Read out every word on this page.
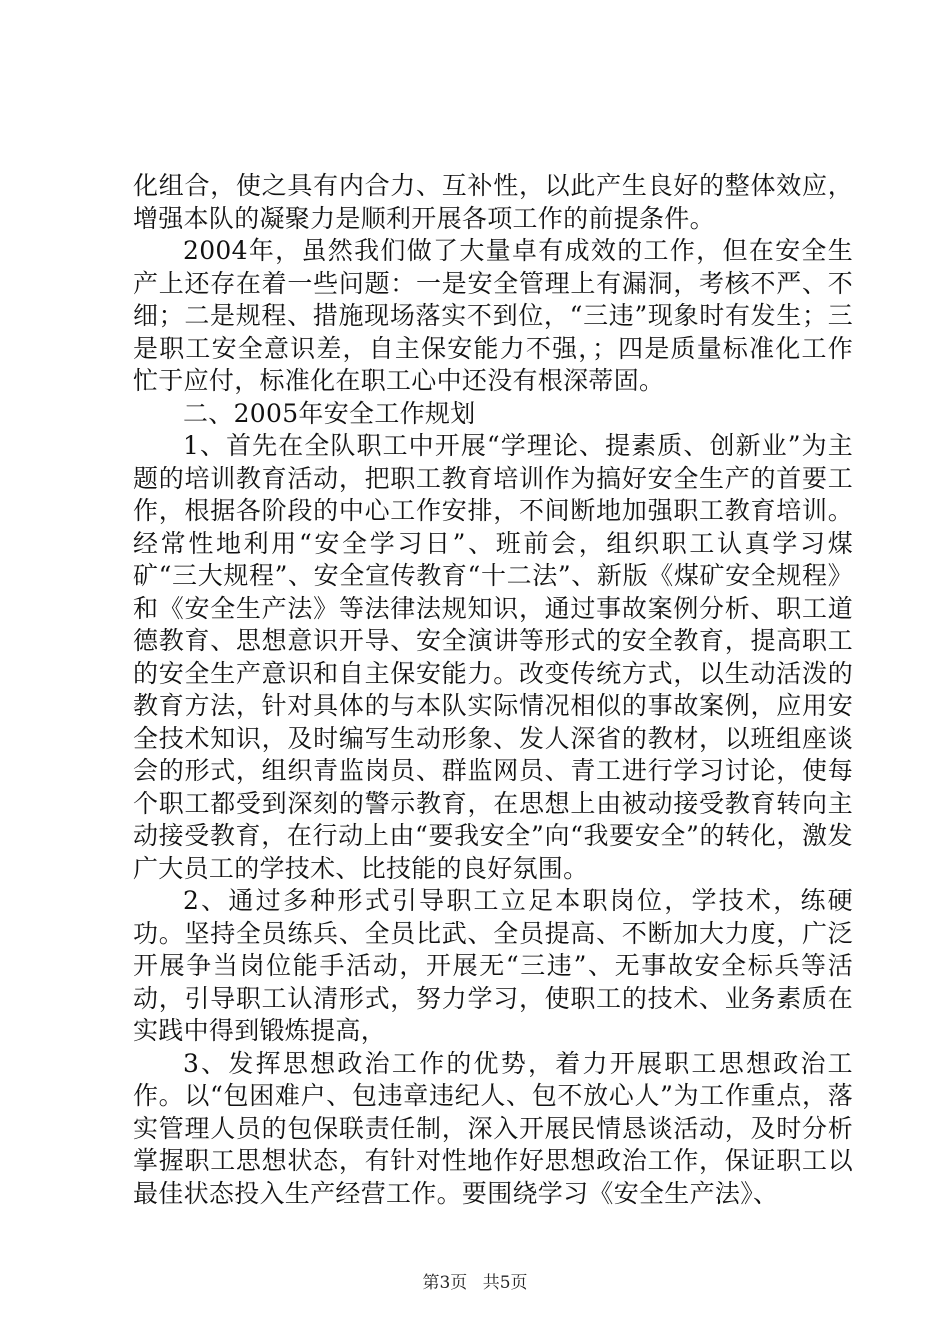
化组合，使之具有内合力、互补性，以此产生良好的整体效应，增强本队的凝聚力是顺利开展各项工作的前提条件。

2004年，虽然我们做了大量卓有成效的工作，但在安全生产上还存在着一些问题：一是安全管理上有漏洞，考核不严、不细；二是规程、措施现场落实不到位，“三违”现象时有发生；三是职工安全意识差，自主保安能力不强，；四是质量标准化工作忙于应付，标准化在职工心中还没有根深蒂固。

二、2005年安全工作规划

1、首先在全队职工中开展“学理论、提素质、创新业”为主题的培训教育活动，把职工教育培训作为搞好安全生产的首要工作，根据各阶段的中心工作安排，不间断地加强职工教育培训。经常性地利用“安全学习日”、班前会，组织职工认真学习煤矿“三大规程”、安全宣传教育“十二法”、新版《煤矿安全规程》和《安全生产法》等法律法规知识，通过事故案例分析、职工道德教育、思想意识开导、安全演讲等形式的安全教育，提高职工的安全生产意识和自主保安能力。改变传统方式，以生动活泼的教育方法，针对具体的与本队实际情况相似的事故案例，应用安全技术知识，及时编写生动形象、发人深省的教材，以班组座谈会的形式，组织青监岗员、群监网员、青工进行学习讨论，使每个职工都受到深刻的警示教育，在思想上由被动接受教育转向主动接受教育，在行动上由“要我安全”向“我要安全”的转化，激发广大员工的学技术、比技能的良好氛围。

2、通过多种形式引导职工立足本职岗位，学技术，练硬功。坚持全员练兵、全员比武、全员提高、不断加大力度，广泛开展争当岗位能手活动，开展无“三违”、无事故安全标兵等活动，引导职工认清形式，努力学习，使职工的技术、业务素质在实践中得到锻炼提高，

3、发挥思想政治工作的优势，着力开展职工思想政治工作。以“包困难户、包违章违纪人、包不放心人”为工作重点，落实管理人员的包保联责任制，深入开展民情恳谈活动，及时分析掌握职工思想状态，有针对性地作好思想政治工作，保证职工以最佳状态投入生产经营工作。要围绕学习《安全生产法》、

第3页 共5页
